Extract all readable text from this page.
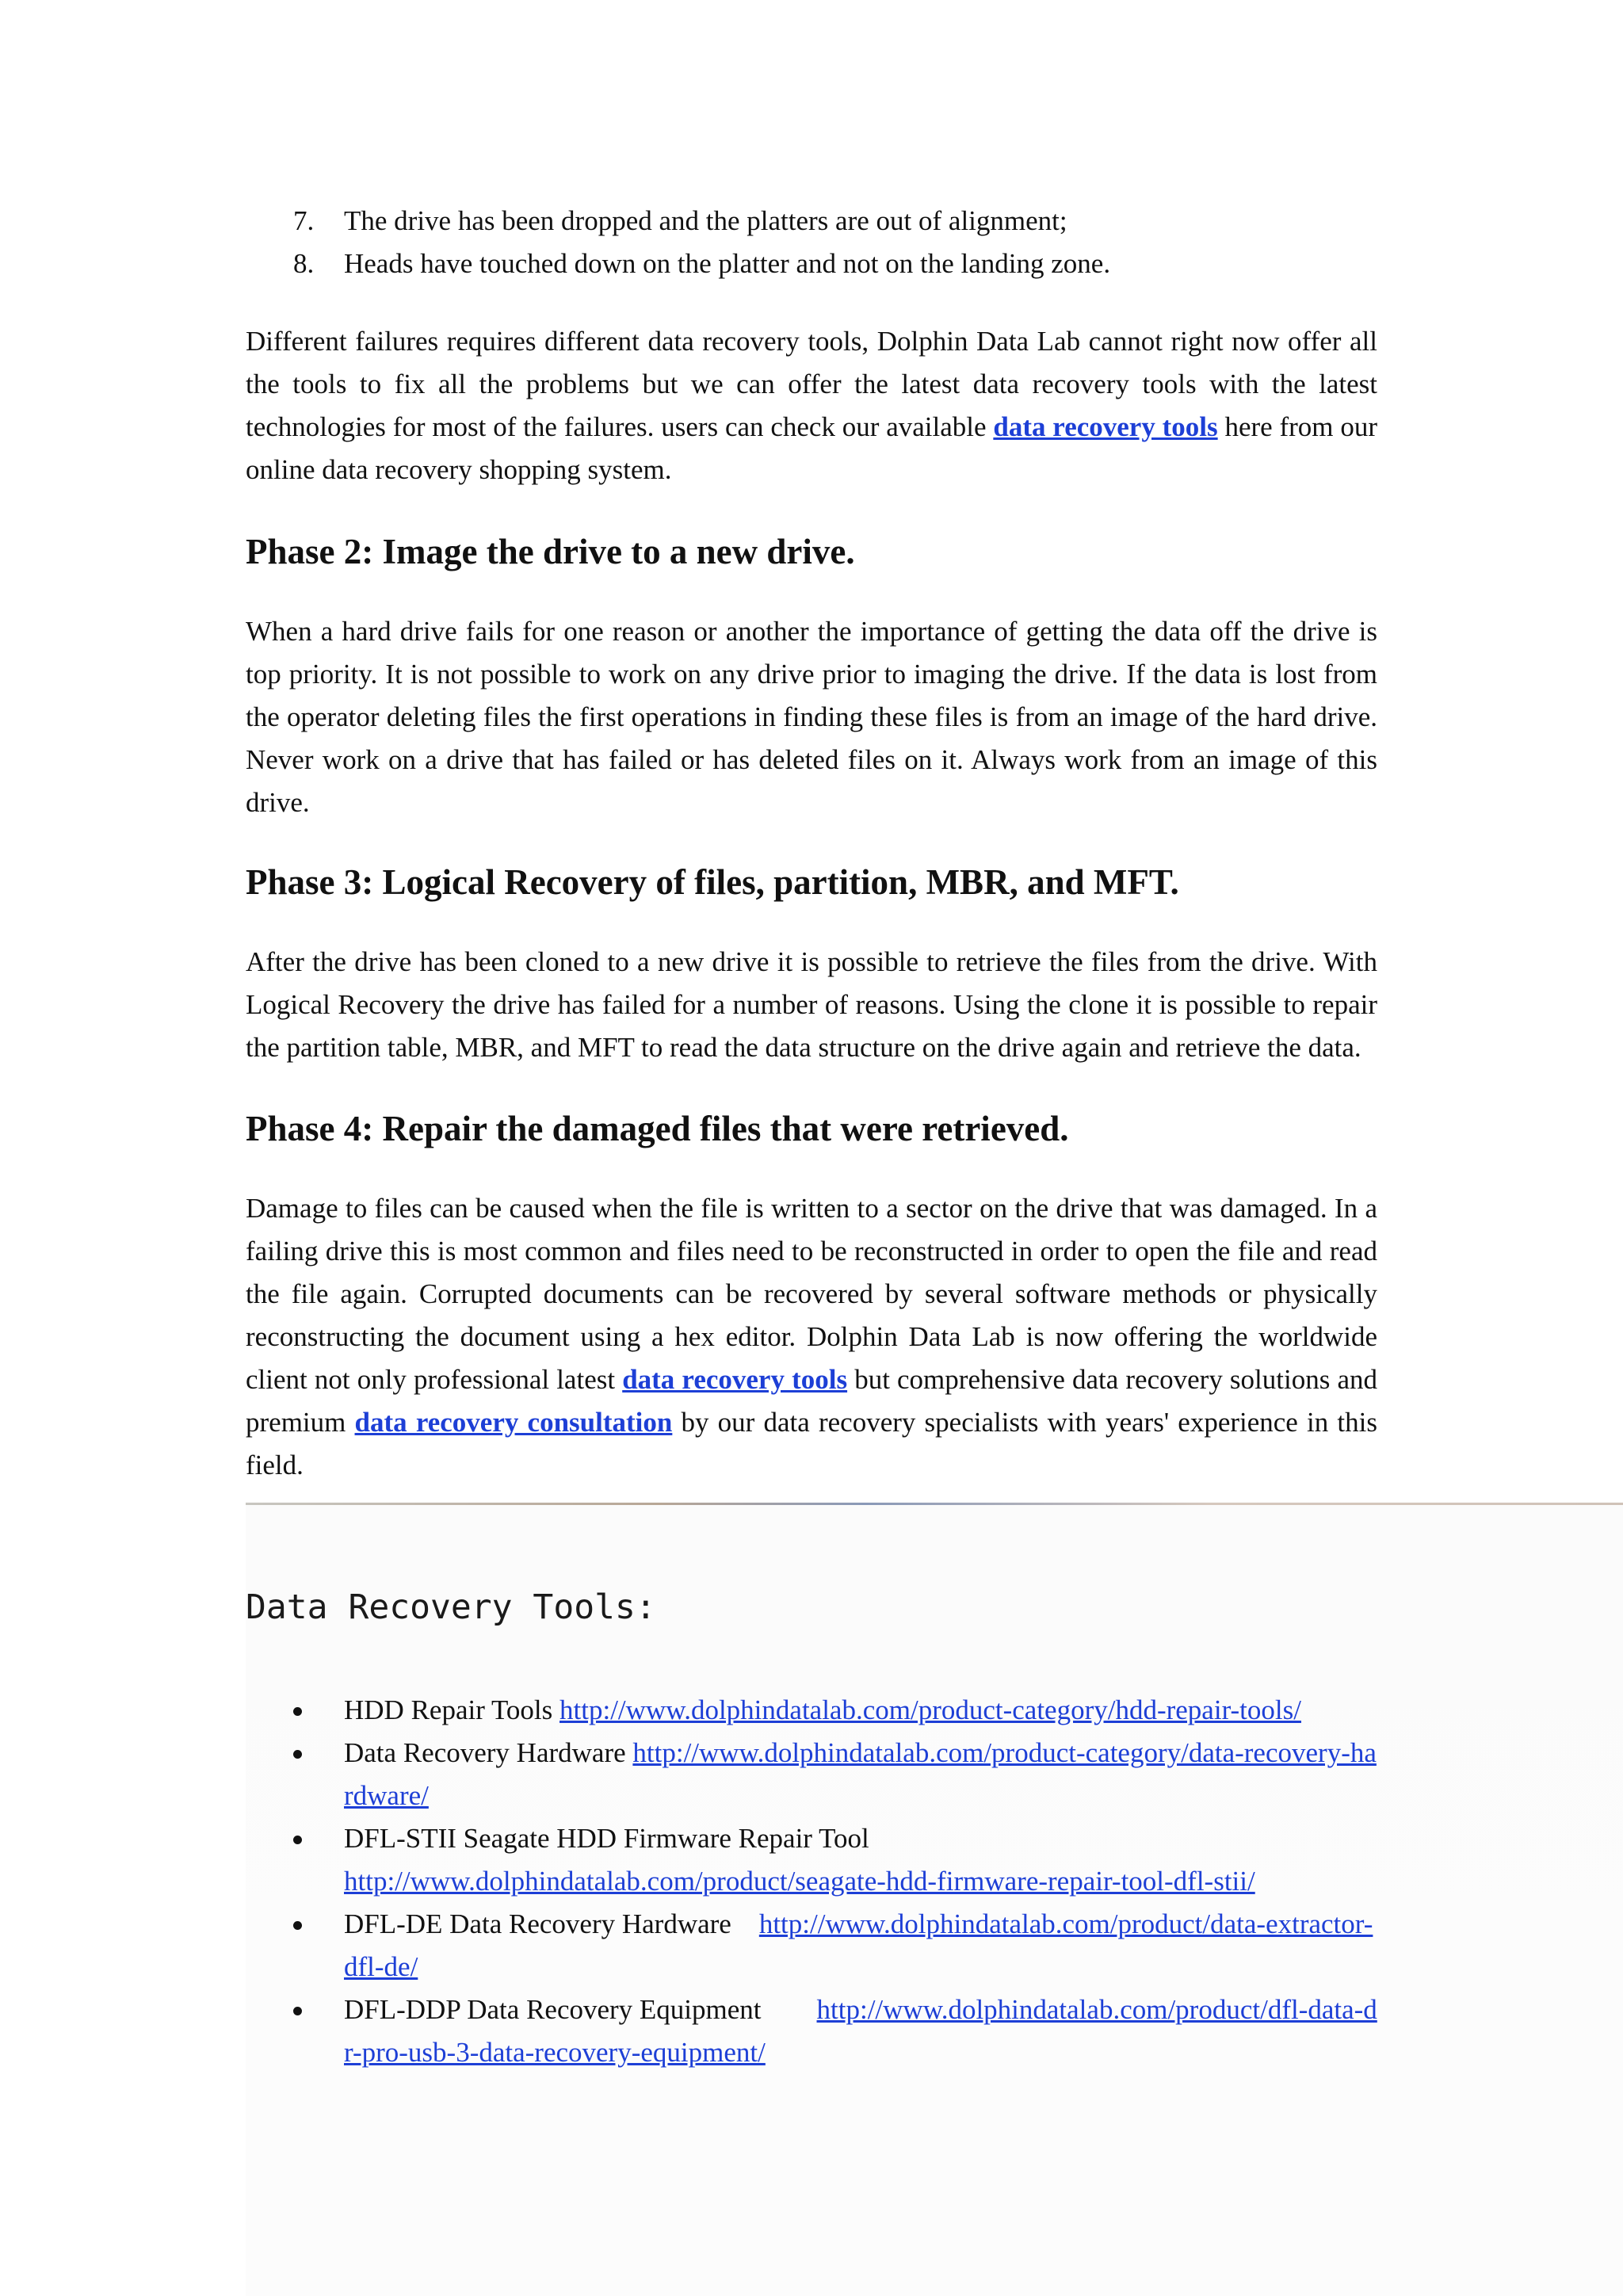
7. The drive has been dropped and the platters are out of alignment;
8. Heads have touched down on the platter and not on the landing zone.

Different failures requires different data recovery tools, Dolphin Data Lab cannot right now offer all the tools to fix all the problems but we can offer the latest data recovery tools with the latest technologies for most of the failures. users can check our available data recovery tools here from our online data recovery shopping system.

Phase 2: Image the drive to a new drive.

When a hard drive fails for one reason or another the importance of getting the data off the drive is top priority. It is not possible to work on any drive prior to imaging the drive. If the data is lost from the operator deleting files the first operations in finding these files is from an image of the hard drive. Never work on a drive that has failed or has deleted files on it. Always work from an image of this drive.

Phase 3: Logical Recovery of files, partition, MBR, and MFT.

After the drive has been cloned to a new drive it is possible to retrieve the files from the drive. With Logical Recovery the drive has failed for a number of reasons. Using the clone it is possible to repair the partition table, MBR, and MFT to read the data structure on the drive again and retrieve the data.

Phase 4: Repair the damaged files that were retrieved.

Damage to files can be caused when the file is written to a sector on the drive that was damaged. In a failing drive this is most common and files need to be reconstructed in order to open the file and read the file again. Corrupted documents can be recovered by several software methods or physically reconstructing the document using a hex editor. Dolphin Data Lab is now offering the worldwide client not only professional latest data recovery tools but comprehensive data recovery solutions and premium data recovery consultation by our data recovery specialists with years' experience in this field.

Data Recovery Tools:
HDD Repair Tools http://www.dolphindatalab.com/product-category/hdd-repair-tools/
Data Recovery Hardware http://www.dolphindatalab.com/product-category/data-recovery-hardware/
DFL-STII Seagate HDD Firmware Repair Tool    http://www.dolphindatalab.com/product/seagate-hdd-firmware-repair-tool-dfl-stii/
DFL-DE Data Recovery Hardware http://www.dolphindatalab.com/product/data-extractor-dfl-de/
DFL-DDP Data Recovery Equipment http://www.dolphindatalab.com/product/dfl-data-dr-pro-usb-3-data-recovery-equipment/
